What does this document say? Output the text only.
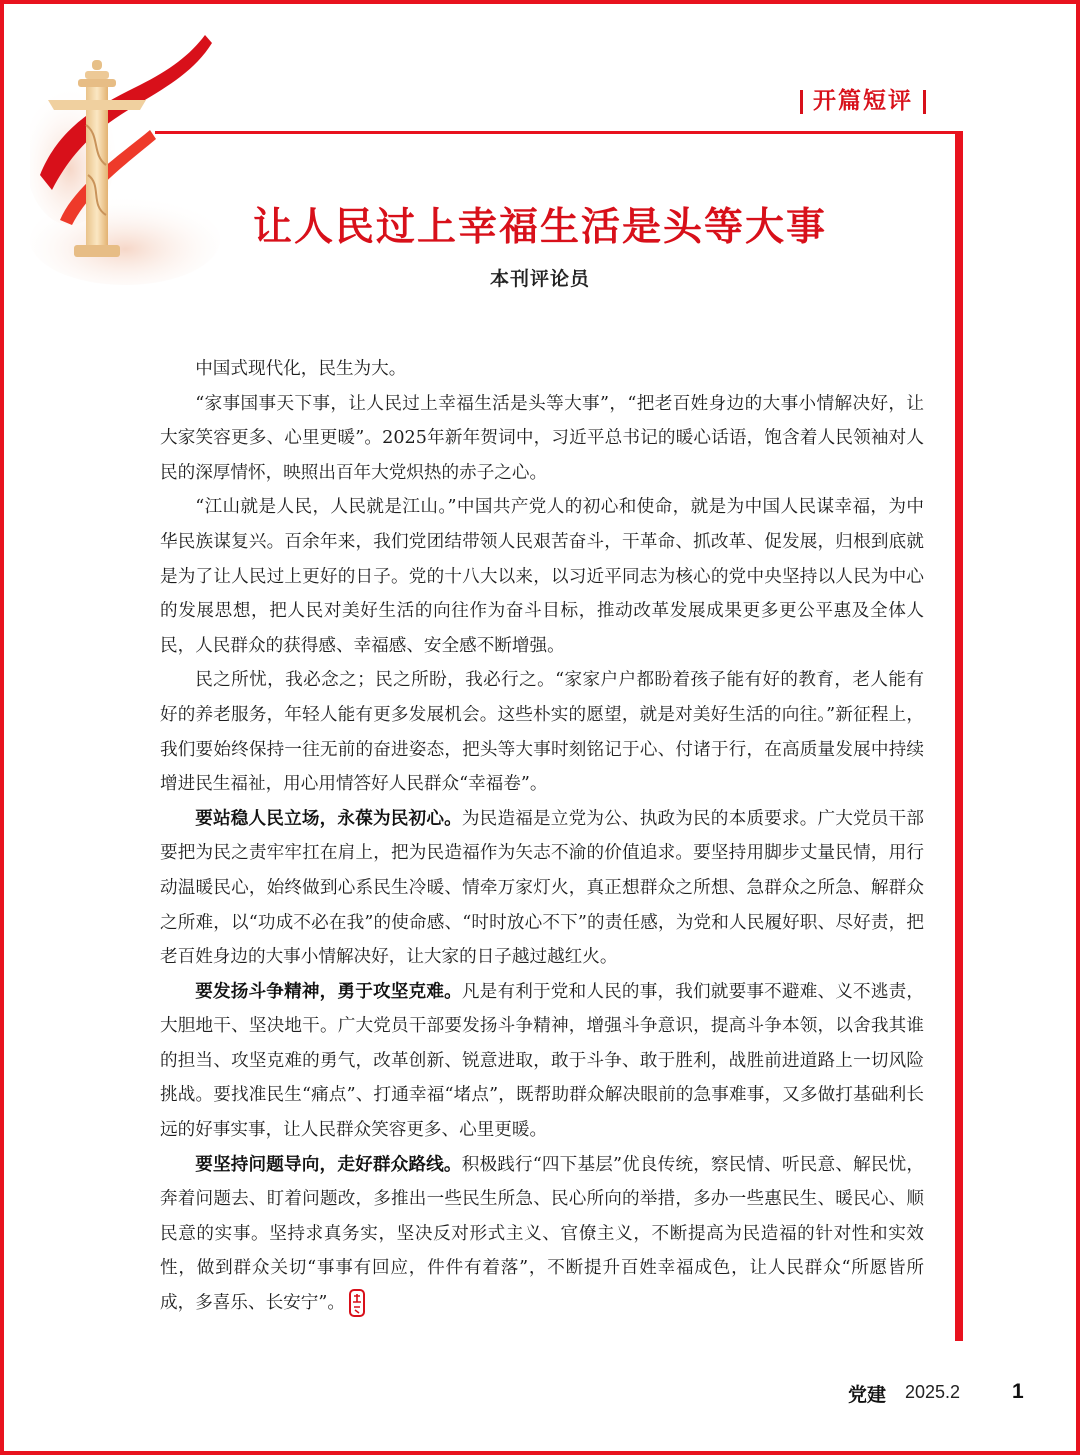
开篇短评
让人民过上幸福生活是头等大事
本刊评论员

中国式现代化，民生为大。

“家事国事天下事，让人民过上幸福生活是头等大事”，“把老百姓身边的大事小情解决好，让大家笑容更多、心里更暖”。2025年新年贺词中，习近平总书记的暖心话语，饱含着人民领袖对人民的深厚情怀，映照出百年大党炽热的赤子之心。

“江山就是人民，人民就是江山。”中国共产党人的初心和使命，就是为中国人民谋幸福，为中华民族谋复兴。百余年来，我们党团结带领人民艰苦奋斗，干革命、抓改革、促发展，归根到底就是为了让人民过上更好的日子。党的十八大以来，以习近平同志为核心的党中央坚持以人民为中心的发展思想，把人民对美好生活的向往作为奋斗目标，推动改革发展成果更多更公平惠及全体人民，人民群众的获得感、幸福感、安全感不断增强。

民之所忧，我必念之；民之所盼，我必行之。“家家户户都盼着孩子能有好的教育，老人能有好的养老服务，年轻人能有更多发展机会。这些朴实的愿望，就是对美好生活的向往。”新征程上，我们要始终保持一往无前的奋进姿态，把头等大事时刻铭记于心、付诸于行，在高质量发展中持续增进民生福祉，用心用情答好人民群众“幸福卷”。

要站稳人民立场，永葆为民初心。为民造福是立党为公、执政为民的本质要求。广大党员干部要把为民之责牢牢扛在肩上，把为民造福作为矢志不渝的价值追求。要坚持用脚步丈量民情，用行动温暖民心，始终做到心系民生冷暖、情牵万家灯火，真正想群众之所想、急群众之所急、解群众之所难，以“功成不必在我”的使命感、“时时放心不下”的责任感，为党和人民履好职、尽好责，把老百姓身边的大事小情解决好，让大家的日子越过越红火。

要发扬斗争精神，勇于攻坚克难。凡是有利于党和人民的事，我们就要事不避难、义不逃责，大胆地干、坚决地干。广大党员干部要发扬斗争精神，增强斗争意识，提高斗争本领，以舍我其谁的担当、攻坚克难的勇气，改革创新、锐意进取，敢于斗争、敢于胜利，战胜前进道路上一切风险挑战。要找准民生“痛点”、打通幸福“堵点”，既帮助群众解决眼前的急事难事，又多做打基础利长远的好事实事，让人民群众笑容更多、心里更暖。

要坚持问题导向，走好群众路线。积极践行“四下基层”优良传统，察民情、听民意、解民忧，奔着问题去、盯着问题改，多推出一些民生所急、民心所向的举措，多办一些惠民生、暖民心、顺民意的实事。坚持求真务实，坚决反对形式主义、官僚主义，不断提高为民造福的针对性和实效性，做到群众关切“事事有回应，件件有着落”，不断提升百姓幸福成色，让人民群众“所愿皆所成，多喜乐、长安宁”。

党建 2025.2 1
